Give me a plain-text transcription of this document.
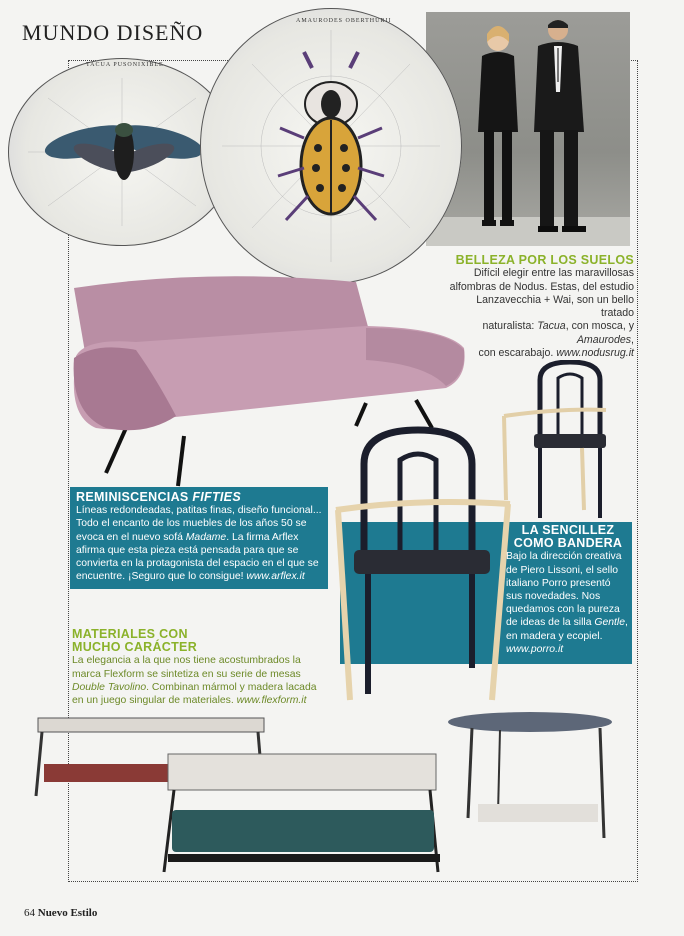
MUNDO DISEÑO
TACUA PUSONIXIBLE
AMAURODES OBERTHURII
BELLEZA POR LOS SUELOS
Difícil elegir entre las maravillosas
alfombras de Nodus. Estas, del estudio
Lanzavecchia + Wai, son un bello tratado
naturalista: Tacua, con mosca, y Amaurodes,
con escarabajo. www.nodusrug.it
REMINISCENCIAS FIFTIES
Líneas redondeadas, patitas finas, diseño funcional...
Todo el encanto de los muebles de los años 50 se
evoca en el nuevo sofá Madame. La firma Arflex
afirma que esta pieza está pensada para que se
convierta en la protagonista del espacio en el que se
encuentre. ¡Seguro que lo consigue! www.arflex.it
LA SENCILLEZ
COMO BANDERA
Bajo la dirección creativa
de Piero Lissoni, el sello
italiano Porro presentó
sus novedades. Nos
quedamos con la pureza
de ideas de la silla Gentle,
en madera y ecopiel.
www.porro.it
MATERIALES CON
MUCHO CARÁCTER
La elegancia a la que nos tiene acostumbrados la
marca Flexform se sintetiza en su serie de mesas
Double Tavolino. Combinan mármol y madera lacada
en un juego singular de materiales. www.flexform.it
64 Nuevo Estilo
